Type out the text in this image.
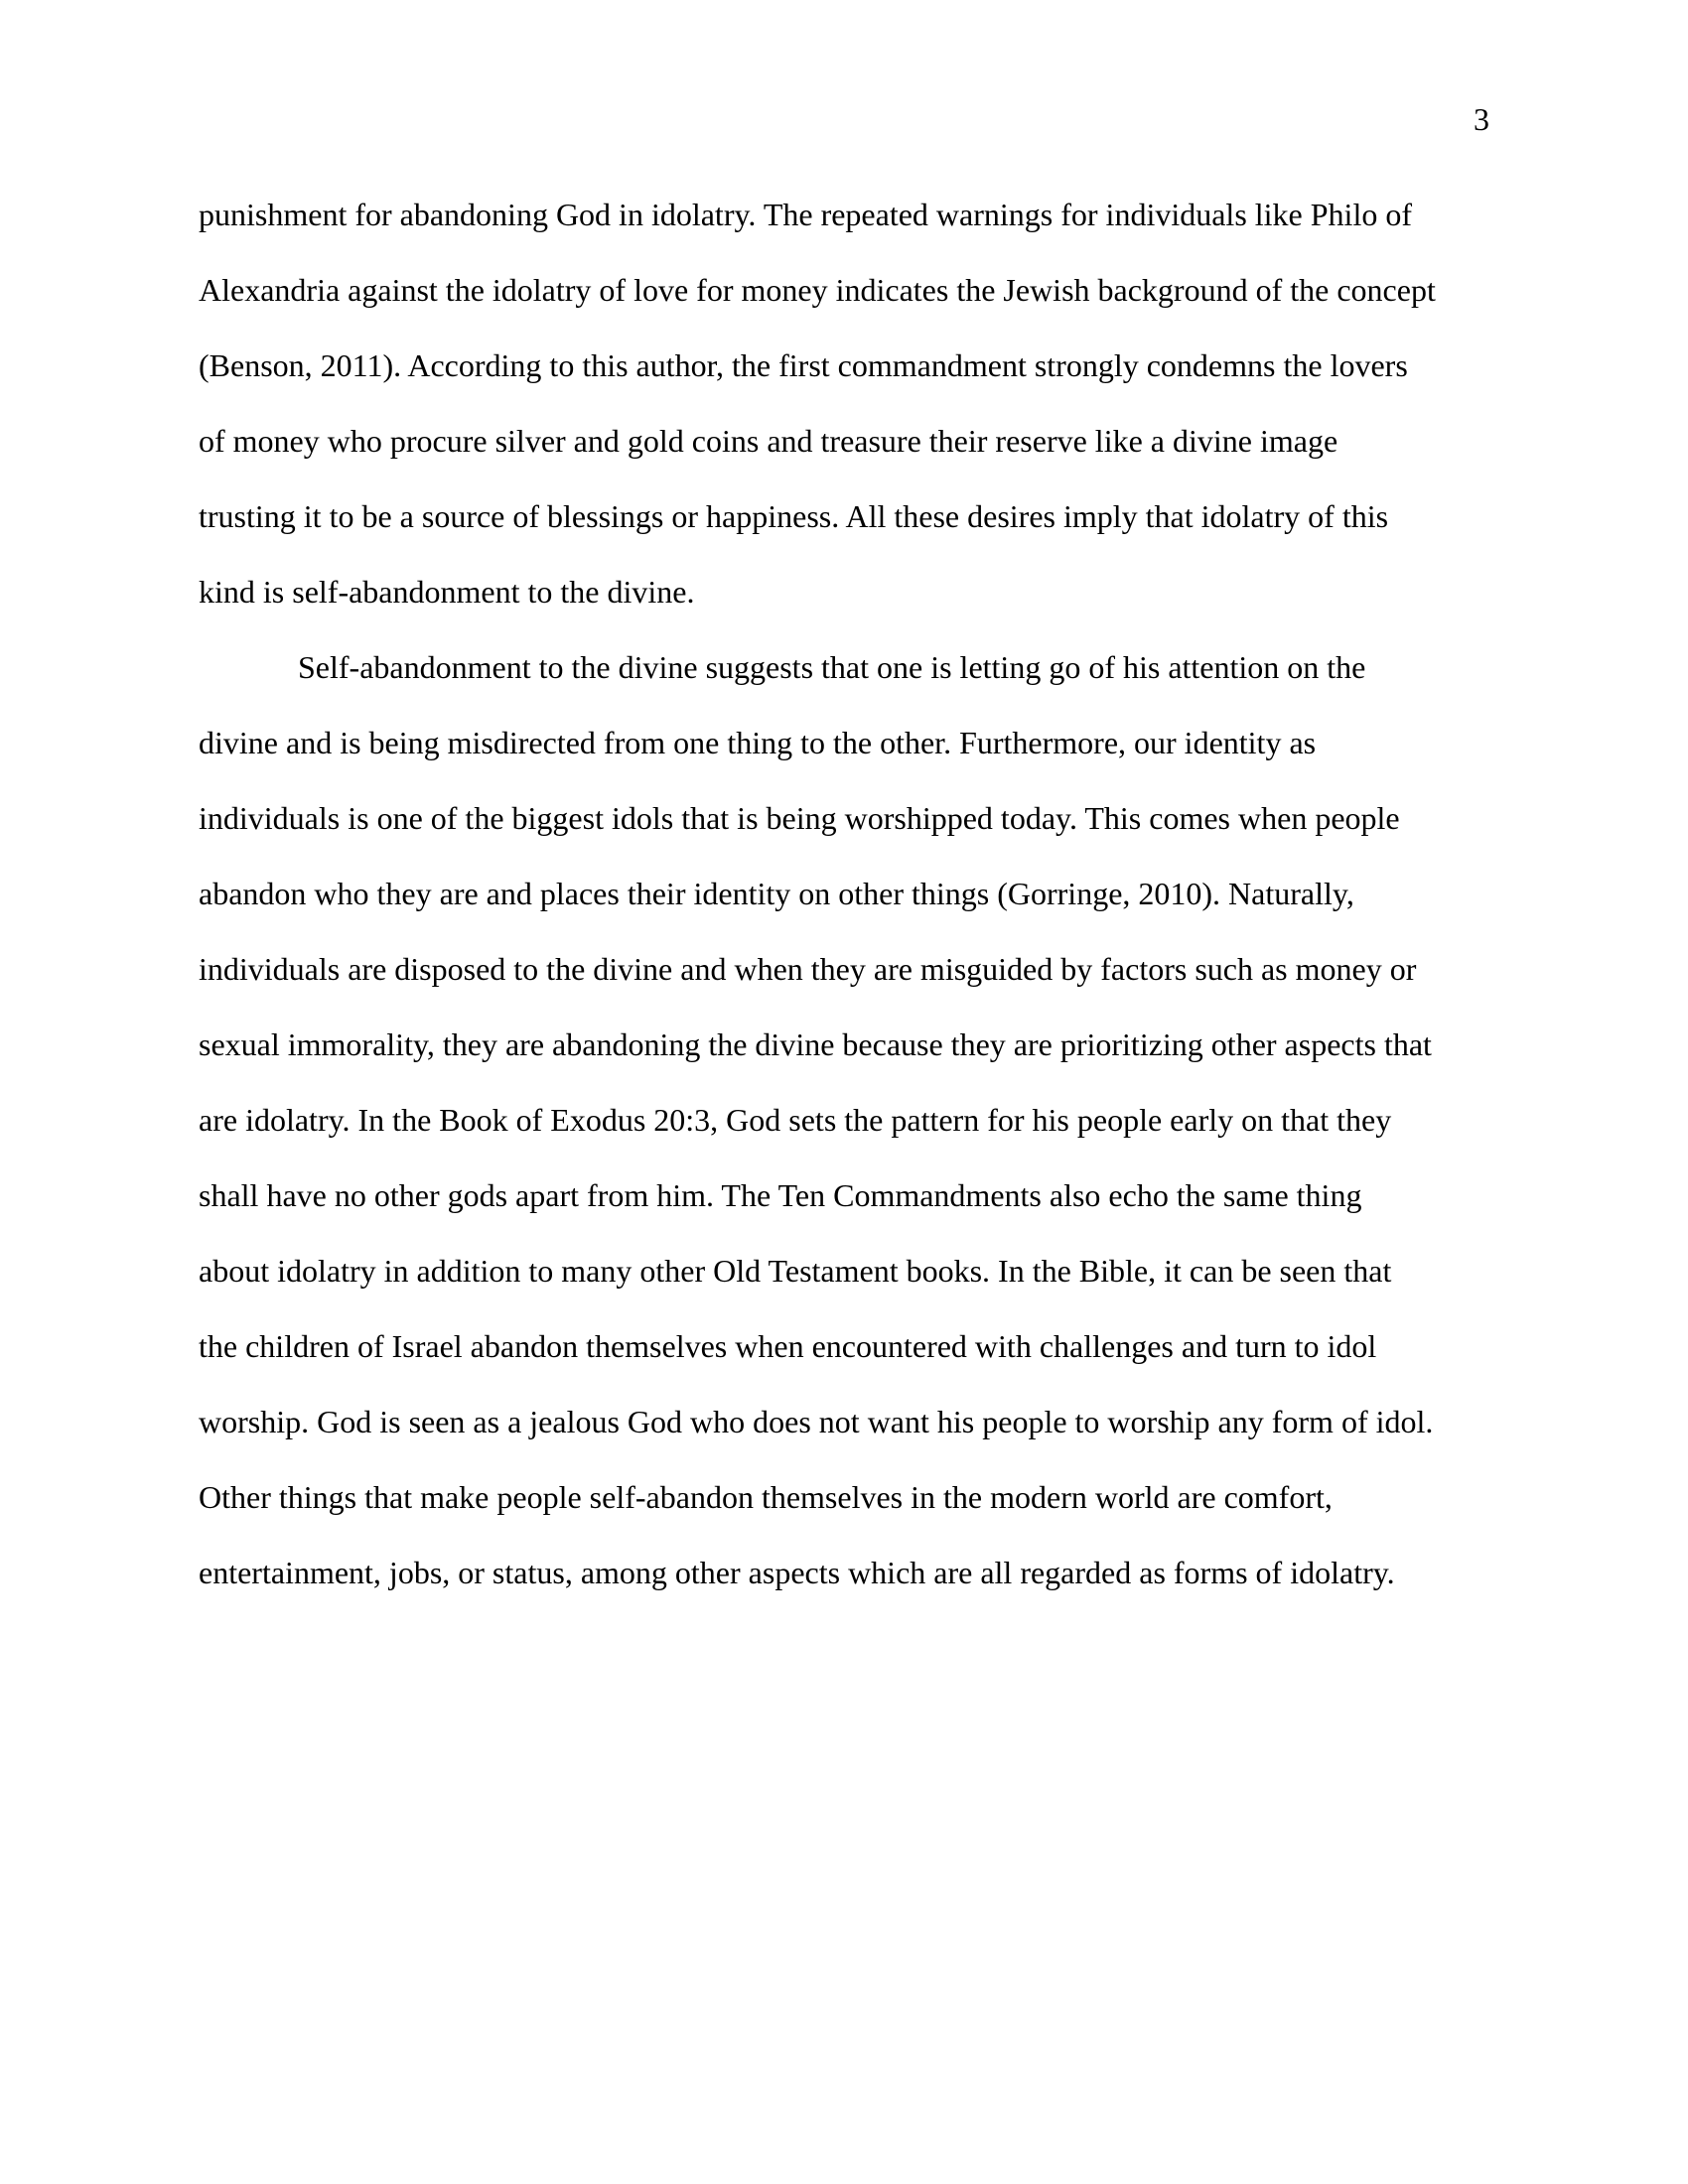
3
punishment for abandoning God in idolatry. The repeated warnings for individuals like Philo of
Alexandria against the idolatry of love for money indicates the Jewish background of the concept
(Benson, 2011). According to this author, the first commandment strongly condemns the lovers
of money who procure silver and gold coins and treasure their reserve like a divine image
trusting it to be a source of blessings or happiness. All these desires imply that idolatry of this
kind is self-abandonment to the divine.
Self-abandonment to the divine suggests that one is letting go of his attention on the
divine and is being misdirected from one thing to the other. Furthermore, our identity as
individuals is one of the biggest idols that is being worshipped today. This comes when people
abandon who they are and places their identity on other things (Gorringe, 2010). Naturally,
individuals are disposed to the divine and when they are misguided by factors such as money or
sexual immorality, they are abandoning the divine because they are prioritizing other aspects that
are idolatry. In the Book of Exodus 20:3, God sets the pattern for his people early on that they
shall have no other gods apart from him. The Ten Commandments also echo the same thing
about idolatry in addition to many other Old Testament books. In the Bible, it can be seen that
the children of Israel abandon themselves when encountered with challenges and turn to idol
worship. God is seen as a jealous God who does not want his people to worship any form of idol.
Other things that make people self-abandon themselves in the modern world are comfort,
entertainment, jobs, or status, among other aspects which are all regarded as forms of idolatry.
